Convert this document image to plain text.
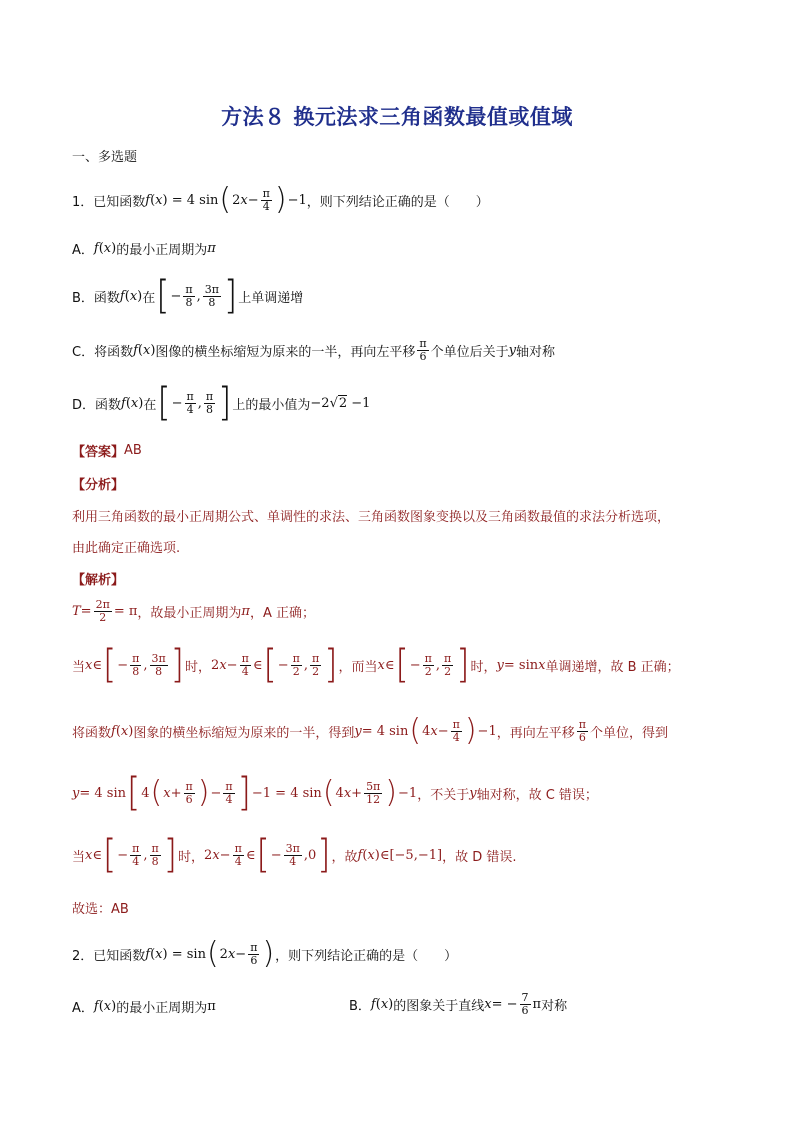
方法８ 换元法求三角函数最值或值域
一、多选题
1．已知函数 f ( x ) = 4 sin ( 2 $x - \frac{\pi}{4}$ ) −1 ，则下列结论正确的是（　　）
A． f ( x ) 的最小正周期为 π
B．函数 f ( x ) 在 [ − $\frac{\pi}{8}$ , $\frac{3\pi}{8}$ ] 上单调递增
C．将函数 f ( x ) 图像的横坐标缩短为原来的一半，再向左平移 $\frac{\pi}{6}$ 个单位后关于 y 轴对称
D．函数 f ( x ) 在 [ − $\frac{\pi}{4}$ , $\frac{\pi}{8}$ ] 上的最小值为 −2√2 −1
【答案】 AB
【分析】
利用三角函数的最小正周期公式、单调性的求法、三角函数图象变换以及三角函数最值的求法分析选项，
由此确定正确选项.
【解析】
$T = \frac{2\pi}{2} = \pi$ ，故最小正周期为 π ，A 正确；
当 x ∈ [ − $\frac{\pi}{8}$ , $\frac{3\pi}{8}$ ] 时， 2 $x - \frac{\pi}{4}$ ∈ [ − $\frac{\pi}{2}$ , $\frac{\pi}{2}$ ] ，而当 x ∈ [ − $\frac{\pi}{2}$ , $\frac{\pi}{2}$ ] 时， y = sin x 单调递增，故 B 正确；
将函数 f ( x ) 图象的横坐标缩短为原来的一半，得到 y = 4 sin ( 4 $x - \frac{\pi}{4}$ ) −1 ，再向左平移 $\frac{\pi}{6}$ 个单位，得到
y = 4 sin [ 4 ( $x + \frac{\pi}{6}$ ) − $\frac{\pi}{4}$ ] −1 = 4 sin ( 4 $x + \frac{5\pi}{12}$ ) −1 ，不关于 y 轴对称，故 C 错误；
当 x ∈ [ − $\frac{\pi}{4}$ , $\frac{\pi}{8}$ ] 时， 2 $x - \frac{\pi}{4}$ ∈ [ − $\frac{3\pi}{4} ,0$ ] ，故 f ( x )∈[−5,−1] ，故 D 错误.
故选：AB
2．已知函数 f ( x ) = sin ( 2 $x - \frac{\pi}{6}$ ) ，则下列结论正确的是（　　）
A． f ( x ) 的最小正周期为 π	B． f ( x ) 的图象关于直线 x = − $\frac{7}{6}$ π 对称
